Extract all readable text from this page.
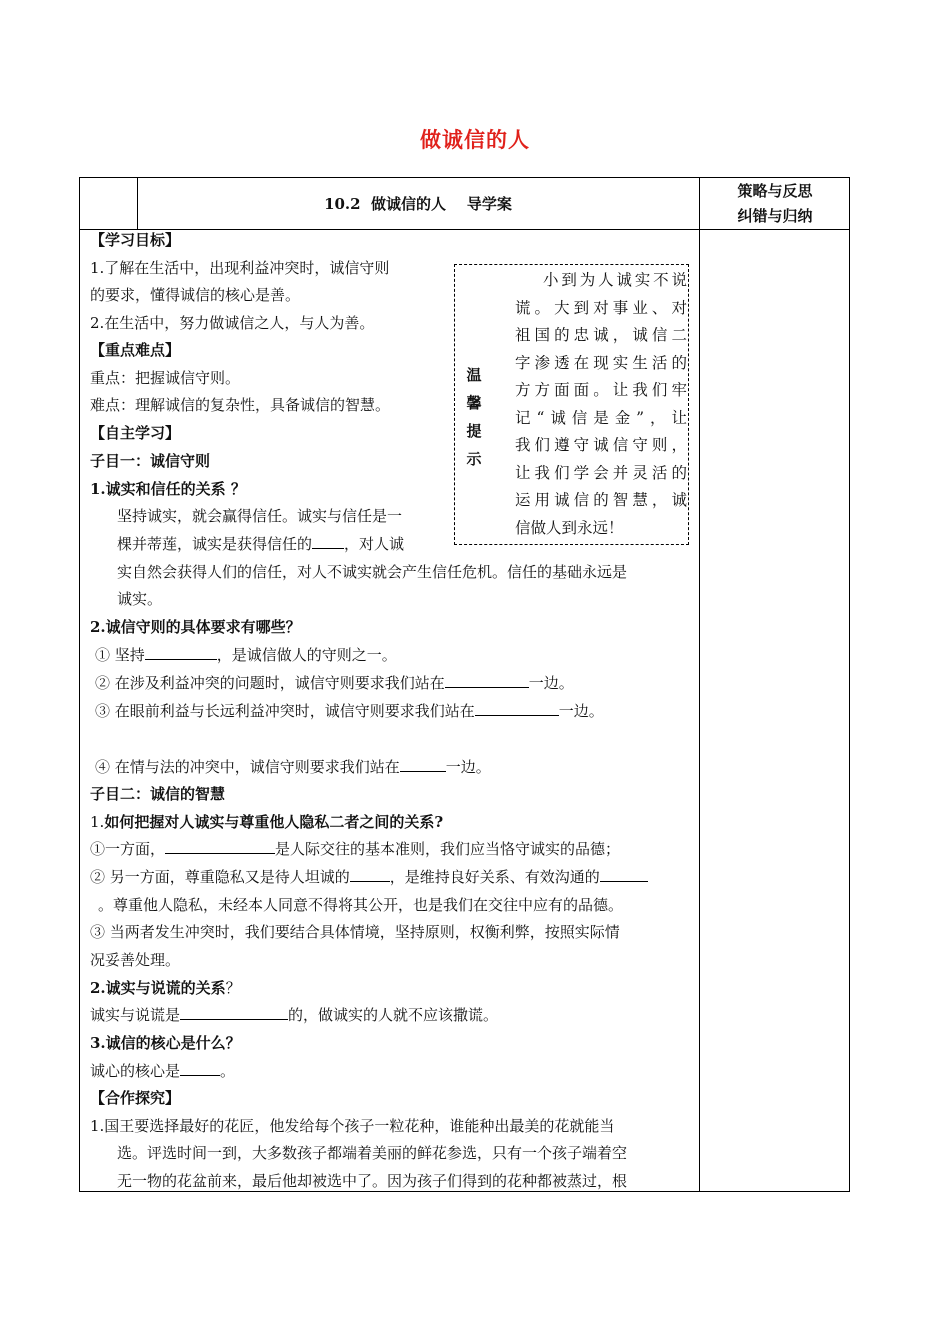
做诚信的人
10.2  做诚信的人    导学案
策略与反思
纠错与归纳
温
馨
提
示
小到为人诚实不说
谎。大到对事业、对
祖国的忠诚，诚信二
字渗透在现实生活的
方方面面。让我们牢
记“诚信是金”，让
我们遵守诚信守则，
让我们学会并灵活的
运用诚信的智慧，诚
信做人到永远！
【学习目标】
1.了解在生活中，出现利益冲突时，诚信守则
的要求，懂得诚信的核心是善。
2.在生活中，努力做诚信之人，与人为善。
【重点难点】
重点：把握诚信守则。
难点：理解诚信的复杂性，具备诚信的智慧。
【自主学习】
子目一：诚信守则
1.诚实和信任的关系 ？
坚持诚实，就会赢得信任。诚实与信任是一
棵并蒂莲，诚实是获得信任的 ，对人诚
实自然会获得人们的信任，对人不诚实就会产生信任危机。信任的基础永远是
诚实。
2.诚信守则的具体要求有哪些？
① 坚持	，是诚信做人的守则之一。
② 在涉及利益冲突的问题时，诚信守则要求我们站在	一边。
③ 在眼前利益与长远利益冲突时，诚信守则要求我们站在	一边。
④ 在情与法的冲突中，诚信守则要求我们站在	一边。
子目二：诚信的智慧
1.如何把握对人诚实与尊重他人隐私二者之间的关系?
①一方面，	是人际交往的基本准则，我们应当恪守诚实的品德；
② 另一方面，尊重隐私又是待人坦诚的	，是维持良好关系、有效沟通的
。尊重他人隐私，未经本人同意不得将其公开，也是我们在交往中应有的品德。
③ 当两者发生冲突时，我们要结合具体情境，坚持原则，权衡利弊，按照实际情
况妥善处理。
2.诚实与说谎的关系？
诚实与说谎是	的，做诚实的人就不应该撒谎。
3.诚信的核心是什么？
诚心的核心是	。
【合作探究】
1.国王要选择最好的花匠，他发给每个孩子一粒花种，谁能种出最美的花就能当
选。评选时间一到，大多数孩子都端着美丽的鲜花参选，只有一个孩子端着空
无一物的花盆前来，最后他却被选中了。因为孩子们得到的花种都被蒸过，根
